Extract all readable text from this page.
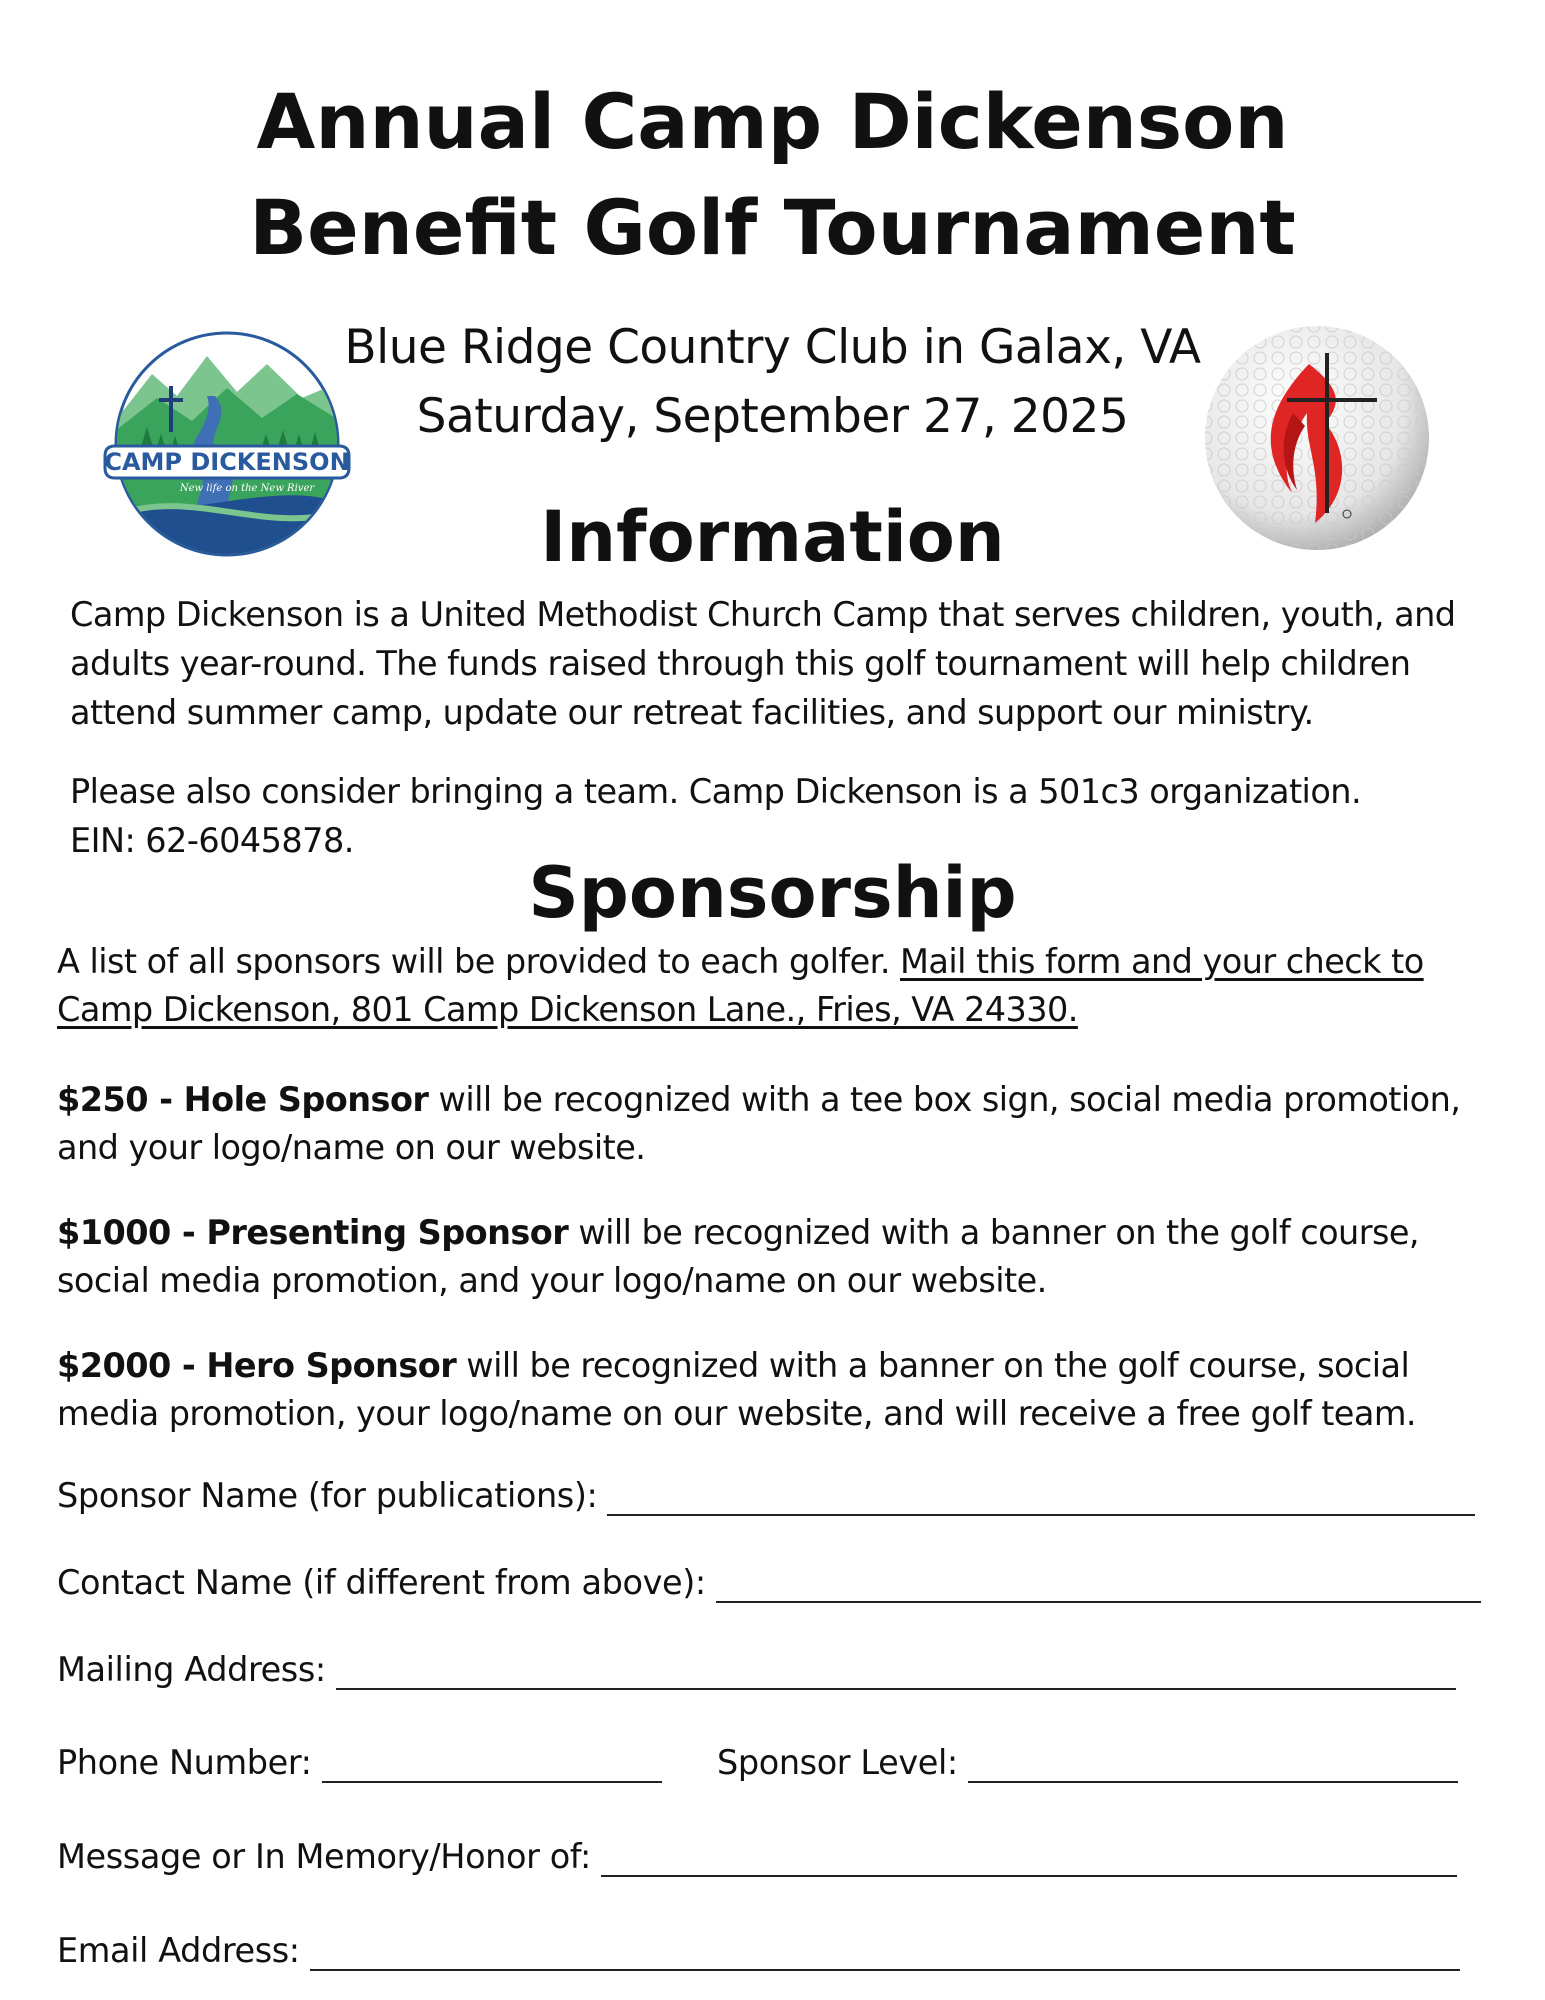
Annual Camp Dickenson
Benefit Golf Tournament
Blue Ridge Country Club in Galax, VA
Saturday, September 27, 2025
CAMP DICKENSON
New life on the New River
Information
Camp Dickenson is a United Methodist Church Camp that serves children, youth, and adults year-round. The funds raised through this golf tournament will help children attend summer camp, update our retreat facilities, and support our ministry.
Please also consider bringing a team. Camp Dickenson is a 501c3 organization.
EIN: 62-6045878.
Sponsorship
A list of all sponsors will be provided to each golfer. Mail this form and your check to Camp Dickenson, 801 Camp Dickenson Lane., Fries, VA 24330.
$250 - Hole Sponsor will be recognized with a tee box sign, social media promotion, and your logo/name on our website.
$1000 - Presenting Sponsor will be recognized with a banner on the golf course, social media promotion, and your logo/name on our website.
$2000 - Hero Sponsor will be recognized with a banner on the golf course, social media promotion, your logo/name on our website, and will receive a free golf team.
Sponsor Name (for publications):
Contact Name (if different from above):
Mailing Address:
Phone Number:	Sponsor Level:
Message or In Memory/Honor of:
Email Address:
